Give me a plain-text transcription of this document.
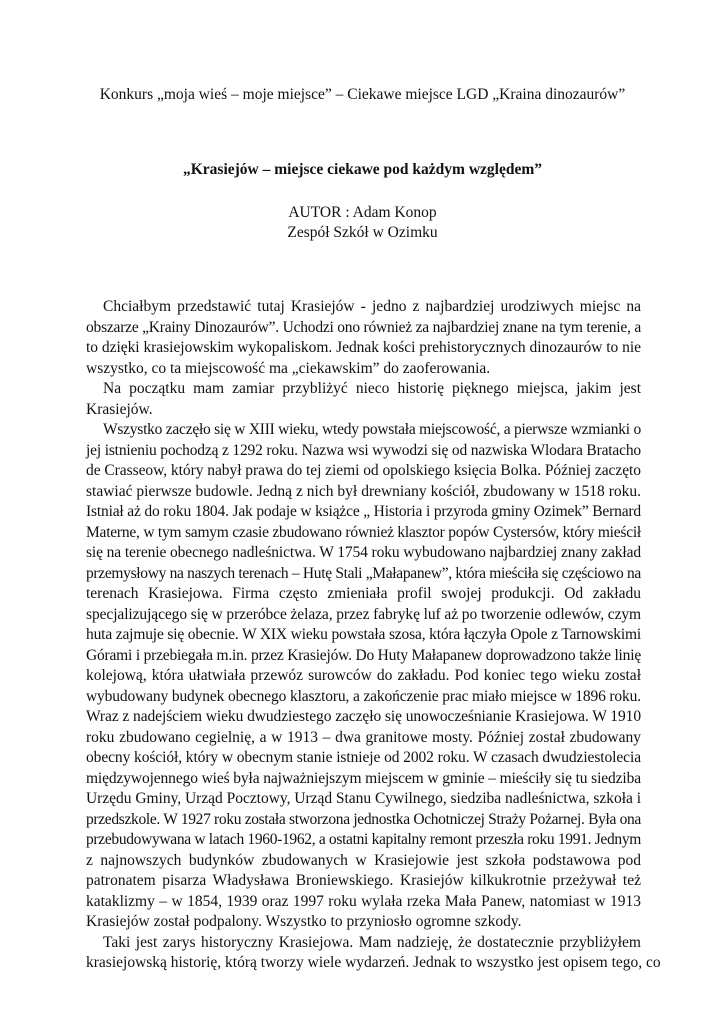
Konkurs „moja wieś – moje miejsce” – Ciekawe miejsce LGD „Kraina dinozaurów”
„Krasiejów – miejsce ciekawe pod każdym względem”
AUTOR : Adam Konop
Zespół Szkół w Ozimku

Chciałbym przedstawić tutaj Krasiejów - jedno z najbardziej urodziwych miejsc na
obszarze „Krainy Dinozaurów”. Uchodzi ono również za najbardziej znane na tym terenie, a
to dzięki krasiejowskim wykopaliskom. Jednak kości prehistorycznych dinozaurów to nie
wszystko, co ta miejscowość ma „ciekawskim” do zaoferowania.

Na początku mam zamiar przybliżyć nieco historię pięknego miejsca, jakim jest
Krasiejów.

Wszystko zaczęło się w XIII wieku, wtedy powstała miejscowość, a pierwsze wzmianki o
jej istnieniu pochodzą z 1292 roku. Nazwa wsi wywodzi się od nazwiska Wlodara Bratacho
de Crasseow, który nabył prawa do tej ziemi od opolskiego księcia Bolka. Później zaczęto
stawiać pierwsze budowle. Jedną z nich był drewniany kościół, zbudowany w 1518 roku.
Istniał aż do roku 1804. Jak podaje w książce „ Historia i przyroda gminy Ozimek” Bernard
Materne, w tym samym czasie zbudowano również klasztor popów Cystersów, który mieścił
się na terenie obecnego nadleśnictwa. W 1754 roku wybudowano najbardziej znany zakład
przemysłowy na naszych terenach – Hutę Stali „Małapanew”, która mieściła się częściowo na
terenach Krasiejowa. Firma często zmieniała profil swojej produkcji. Od zakładu
specjalizującego się w przeróbce żelaza, przez fabrykę luf aż po tworzenie odlewów, czym
huta zajmuje się obecnie. W XIX wieku powstała szosa, która łączyła Opole z Tarnowskimi
Górami i przebiegała m.in. przez Krasiejów. Do Huty Małapanew doprowadzono także linię
kolejową, która ułatwiała przewóz surowców do zakładu. Pod koniec tego wieku został
wybudowany budynek obecnego klasztoru, a zakończenie prac miało miejsce w 1896 roku.
Wraz z nadejściem wieku dwudziestego zaczęło się unowocześnianie Krasiejowa. W 1910
roku zbudowano cegielnię, a w 1913 – dwa granitowe mosty. Później został zbudowany
obecny kościół, który w obecnym stanie istnieje od 2002 roku. W czasach dwudziestolecia
międzywojennego wieś była najważniejszym miejscem w gminie – mieściły się tu siedziba
Urzędu Gminy, Urząd Pocztowy, Urząd Stanu Cywilnego, siedziba nadleśnictwa, szkoła i
przedszkole. W 1927 roku została stworzona jednostka Ochotniczej Straży Pożarnej. Była ona
przebudowywana w latach 1960-1962, a ostatni kapitalny remont przeszła roku 1991. Jednym
z najnowszych budynków zbudowanych w Krasiejowie jest szkoła podstawowa pod
patronatem pisarza Władysława Broniewskiego. Krasiejów kilkukrotnie przeżywał też
kataklizmy – w 1854, 1939 oraz 1997 roku wylała rzeka Mała Panew, natomiast w 1913
Krasiejów został podpalony. Wszystko to przyniosło ogromne szkody.

Taki jest zarys historyczny Krasiejowa. Mam nadzieję, że dostatecznie przybliżyłem
krasiejowską historię, którą tworzy wiele wydarzeń. Jednak to wszystko jest opisem tego, co
